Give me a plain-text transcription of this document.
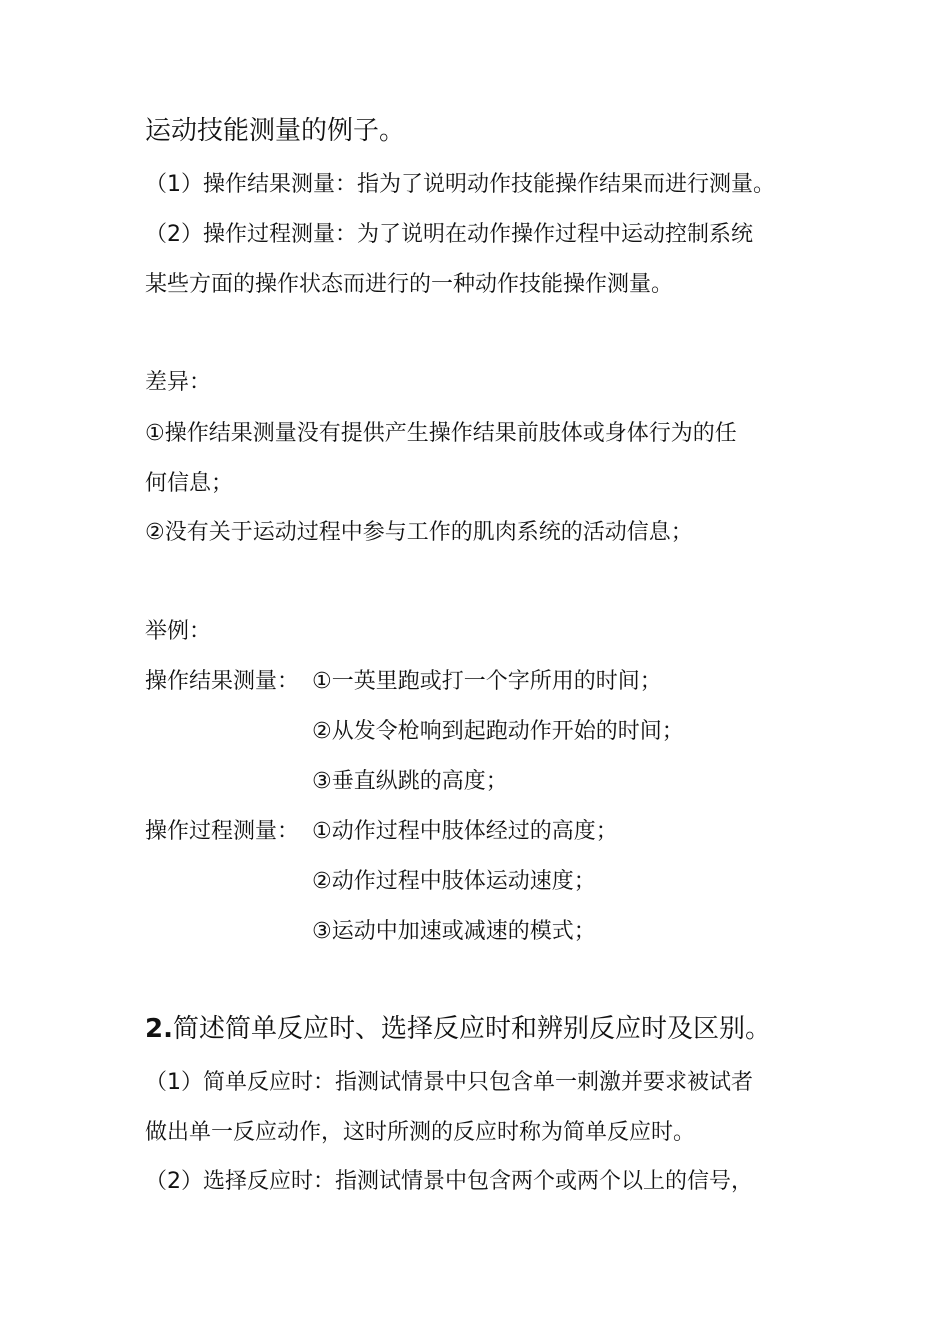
运动技能测量的例子。
（1）操作结果测量：指为了说明动作技能操作结果而进行测量。
（2）操作过程测量：为了说明在动作操作过程中运动控制系统
某些方面的操作状态而进行的一种动作技能操作测量。
差异：
①操作结果测量没有提供产生操作结果前肢体或身体行为的任
何信息；
②没有关于运动过程中参与工作的肌肉系统的活动信息；
举例：
操作结果测量： ①一英里跑或打一个字所用的时间；
②从发令枪响到起跑动作开始的时间；
③垂直纵跳的高度；
操作过程测量： ①动作过程中肢体经过的高度；
②动作过程中肢体运动速度；
③运动中加速或减速的模式；
2.简述简单反应时、选择反应时和辨别反应时及区别。
（1）简单反应时：指测试情景中只包含单一刺激并要求被试者
做出单一反应动作，这时所测的反应时称为简单反应时。
（2）选择反应时：指测试情景中包含两个或两个以上的信号，
